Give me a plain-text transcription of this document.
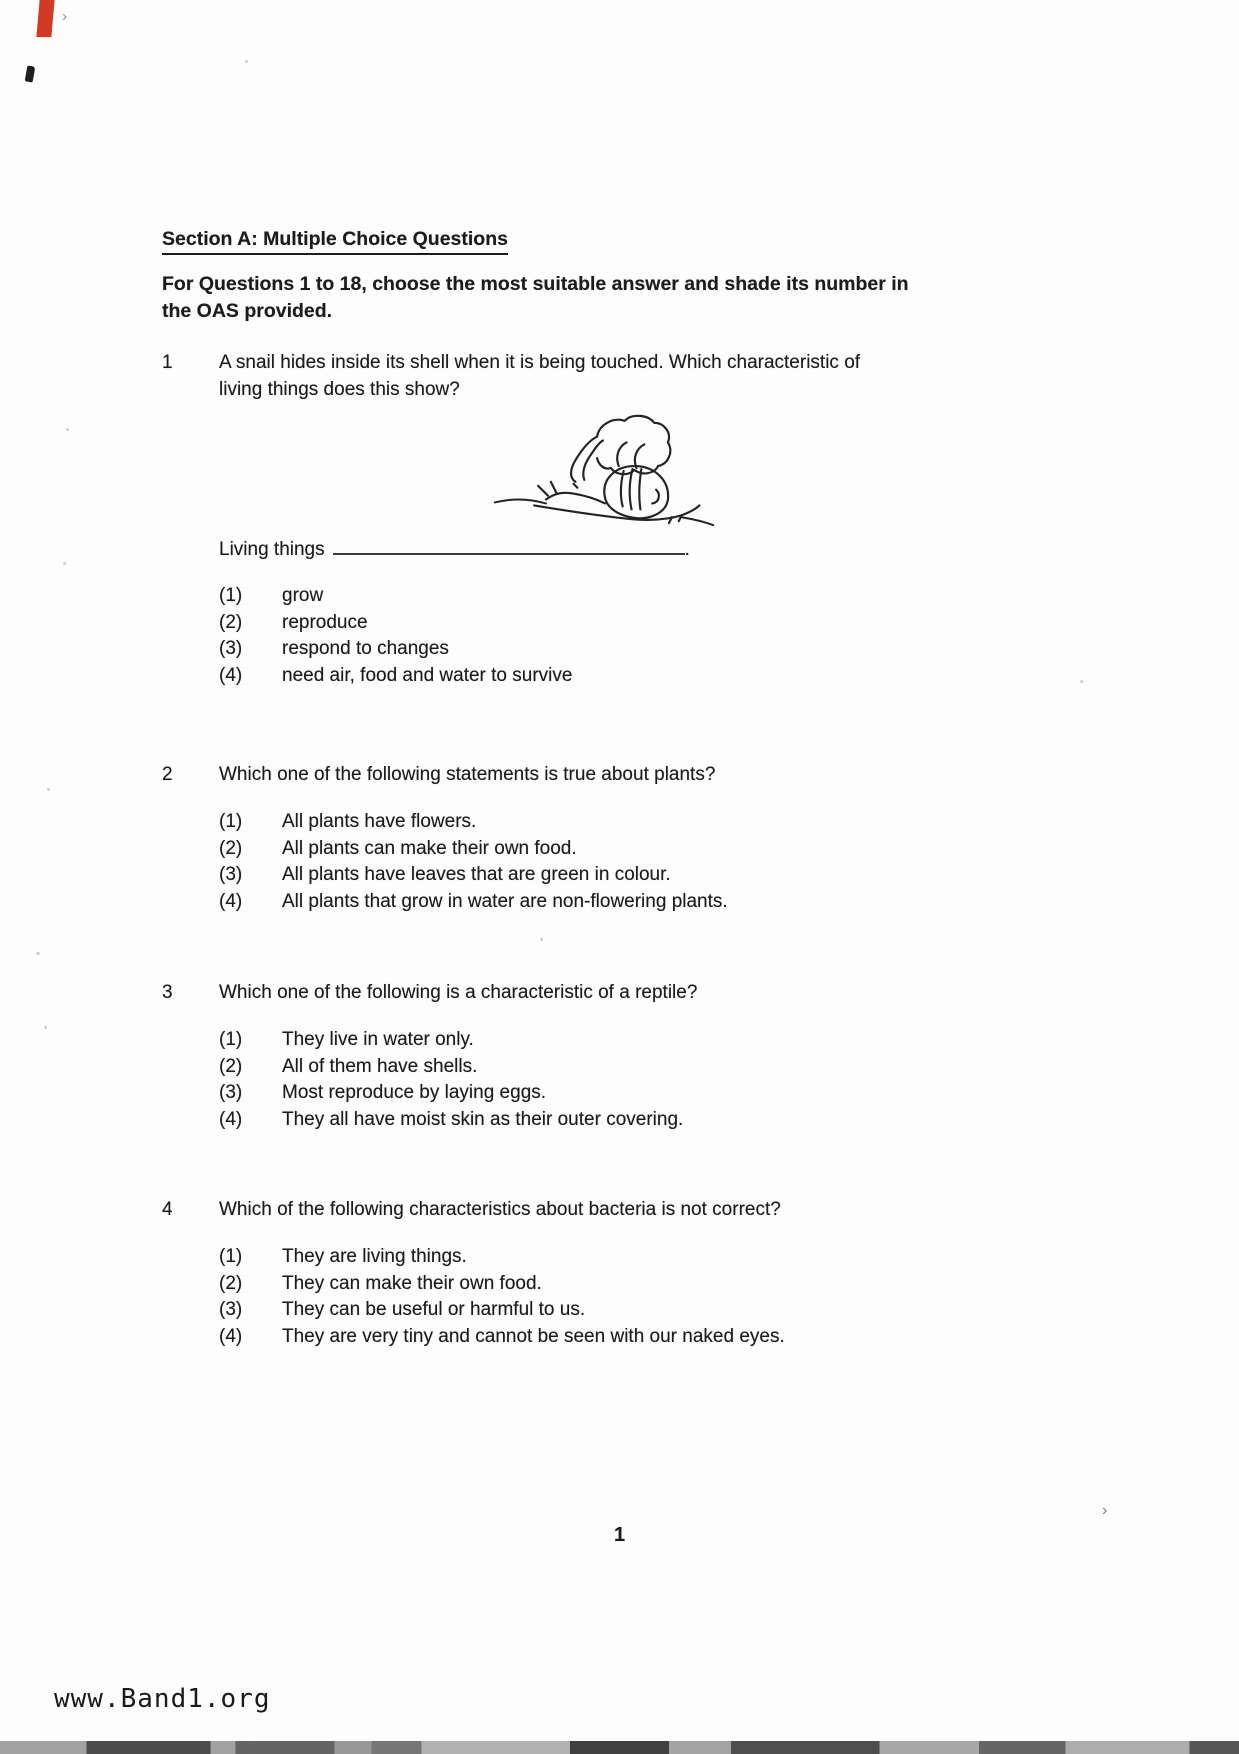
›
›
Section A: Multiple Choice Questions
For Questions 1 to 18, choose the most suitable answer and shade its number in
the OAS provided.
1	A snail hides inside its shell when it is being touched. Which characteristic of
living things does this show?
Living things	.
(1)	grow
(2)	reproduce
(3)	respond to changes
(4)	need air, food and water to survive
2	Which one of the following statements is true about plants?
(1)	All plants have flowers.
(2)	All plants can make their own food.
(3)	All plants have leaves that are green in colour.
(4)	All plants that grow in water are non-flowering plants.
3	Which one of the following is a characteristic of a reptile?
(1)	They live in water only.
(2)	All of them have shells.
(3)	Most reproduce by laying eggs.
(4)	They all have moist skin as their outer covering.
4	Which of the following characteristics about bacteria is not correct?
(1)	They are living things.
(2)	They can make their own food.
(3)	They can be useful or harmful to us.
(4)	They are very tiny and cannot be seen with our naked eyes.
1
www.Band1.org
